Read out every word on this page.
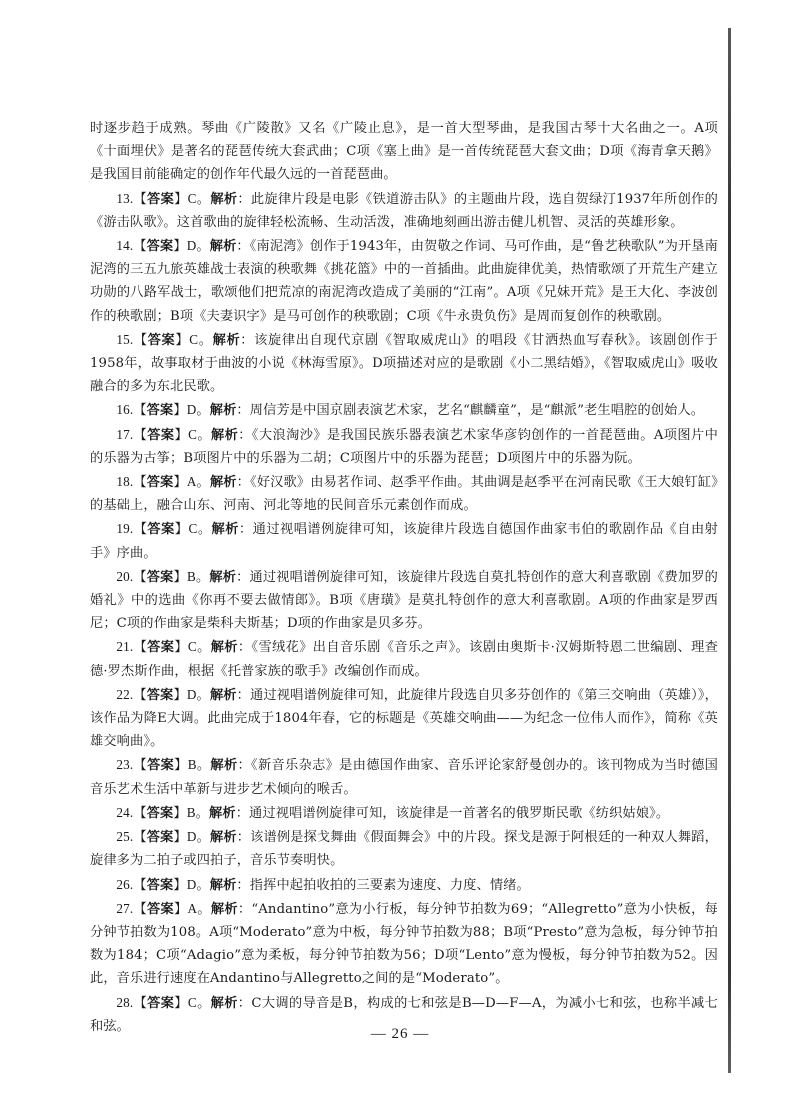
时逐步趋于成熟。琴曲《广陵散》又名《广陵止息》，是一首大型琴曲，是我国古琴十大名曲之一。A项《十面埋伏》是著名的琵琶传统大套武曲；C项《塞上曲》是一首传统琵琶大套文曲；D项《海青拿天鹅》是我国目前能确定的创作年代最久远的一首琵琶曲。

13.【答案】C。解析：此旋律片段是电影《铁道游击队》的主题曲片段，选自贺绿汀1937年所创作的《游击队歌》。这首歌曲的旋律轻松流畅、生动活泼，准确地刻画出游击健儿机智、灵活的英雄形象。

14.【答案】D。解析：《南泥湾》创作于1943年，由贺敬之作词、马可作曲，是“鲁艺秧歌队”为开垦南泥湾的三五九旅英雄战士表演的秧歌舞《挑花篮》中的一首插曲。此曲旋律优美，热情歌颂了开荒生产建立功勋的八路军战士，歌颂他们把荒凉的南泥湾改造成了美丽的“江南”。A项《兄妹开荒》是王大化、李波创作的秧歌剧；B项《夫妻识字》是马可创作的秧歌剧；C项《牛永贵负伤》是周而复创作的秧歌剧。

15.【答案】C。解析：该旋律出自现代京剧《智取威虎山》的唱段《甘洒热血写春秋》。该剧创作于1958年，故事取材于曲波的小说《林海雪原》。D项描述对应的是歌剧《小二黑结婚》，《智取威虎山》吸收融合的多为东北民歌。

16.【答案】D。解析：周信芳是中国京剧表演艺术家，艺名“麒麟童”，是“麒派”老生唱腔的创始人。

17.【答案】C。解析：《大浪淘沙》是我国民族乐器表演艺术家华彦钧创作的一首琵琶曲。A项图片中的乐器为古筝；B项图片中的乐器为二胡；C项图片中的乐器为琵琶；D项图片中的乐器为阮。

18.【答案】A。解析：《好汉歌》由易茗作词、赵季平作曲。其曲调是赵季平在河南民歌《王大娘钉缸》的基础上，融合山东、河南、河北等地的民间音乐元素创作而成。

19.【答案】C。解析：通过视唱谱例旋律可知，该旋律片段选自德国作曲家韦伯的歌剧作品《自由射手》序曲。

20.【答案】B。解析：通过视唱谱例旋律可知，该旋律片段选自莫扎特创作的意大利喜歌剧《费加罗的婚礼》中的选曲《你再不要去做情郎》。B项《唐璜》是莫扎特创作的意大利喜歌剧。A项的作曲家是罗西尼；C项的作曲家是柴科夫斯基；D项的作曲家是贝多芬。

21.【答案】C。解析：《雪绒花》出自音乐剧《音乐之声》。该剧由奥斯卡·汉姆斯特恩二世编剧、理查德·罗杰斯作曲，根据《托普家族的歌手》改编创作而成。

22.【答案】D。解析：通过视唱谱例旋律可知，此旋律片段选自贝多芬创作的《第三交响曲（英雄）》，该作品为降E大调。此曲完成于1804年春，它的标题是《英雄交响曲——为纪念一位伟人而作》，简称《英雄交响曲》。

23.【答案】B。解析：《新音乐杂志》是由德国作曲家、音乐评论家舒曼创办的。该刊物成为当时德国音乐艺术生活中革新与进步艺术倾向的喉舌。

24.【答案】B。解析：通过视唱谱例旋律可知，该旋律是一首著名的俄罗斯民歌《纺织姑娘》。

25.【答案】D。解析：该谱例是探戈舞曲《假面舞会》中的片段。探戈是源于阿根廷的一种双人舞蹈，旋律多为二拍子或四拍子，音乐节奏明快。

26.【答案】D。解析：指挥中起拍收拍的三要素为速度、力度、情绪。

27.【答案】A。解析：“Andantino”意为小行板，每分钟节拍数为69；“Allegretto”意为小快板，每分钟节拍数为108。A项“Moderato”意为中板，每分钟节拍数为88；B项“Presto”意为急板，每分钟节拍数为184；C项“Adagio”意为柔板，每分钟节拍数为56；D项“Lento”意为慢板，每分钟节拍数为52。因此，音乐进行速度在Andantino与Allegretto之间的是“Moderato”。

28.【答案】C。解析：C大调的导音是B，构成的七和弦是B—D—F—A，为减小七和弦，也称半减七和弦。	— 26 —
